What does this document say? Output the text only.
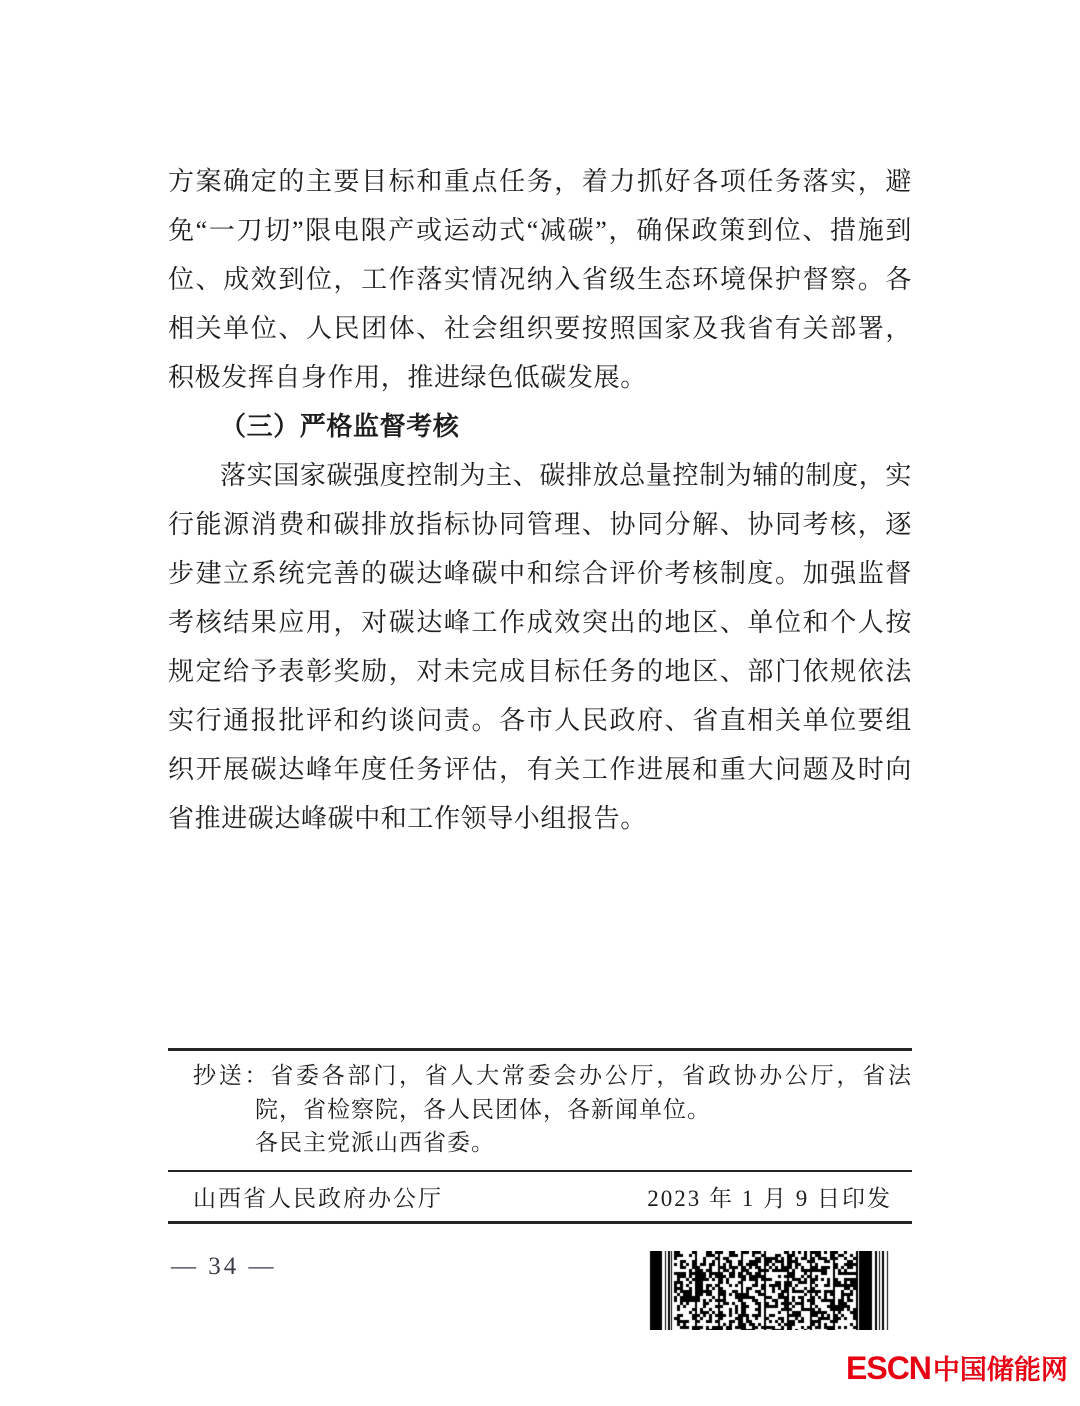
方案确定的主要目标和重点任务，着力抓好各项任务落实，避免“一刀切”限电限产或运动式“减碳”，确保政策到位、措施到位、成效到位，工作落实情况纳入省级生态环境保护督察。各相关单位、人民团体、社会组织要按照国家及我省有关部署，积极发挥自身作用，推进绿色低碳发展。

（三）严格监督考核

落实国家碳强度控制为主、碳排放总量控制为辅的制度，实行能源消费和碳排放指标协同管理、协同分解、协同考核，逐步建立系统完善的碳达峰碳中和综合评价考核制度。加强监督考核结果应用，对碳达峰工作成效突出的地区、单位和个人按规定给予表彰奖励，对未完成目标任务的地区、部门依规依法实行通报批评和约谈问责。各市人民政府、省直相关单位要组织开展碳达峰年度任务评估，有关工作进展和重大问题及时向省推进碳达峰碳中和工作领导小组报告。

抄送：省委各部门，省人大常委会办公厅，省政协办公厅，省法院，省检察院，各人民团体，各新闻单位。

各民主党派山西省委。

山西省人民政府办公厅	2023 年 1 月 9 日印发
— 34 —
ESCN 中国储能网
